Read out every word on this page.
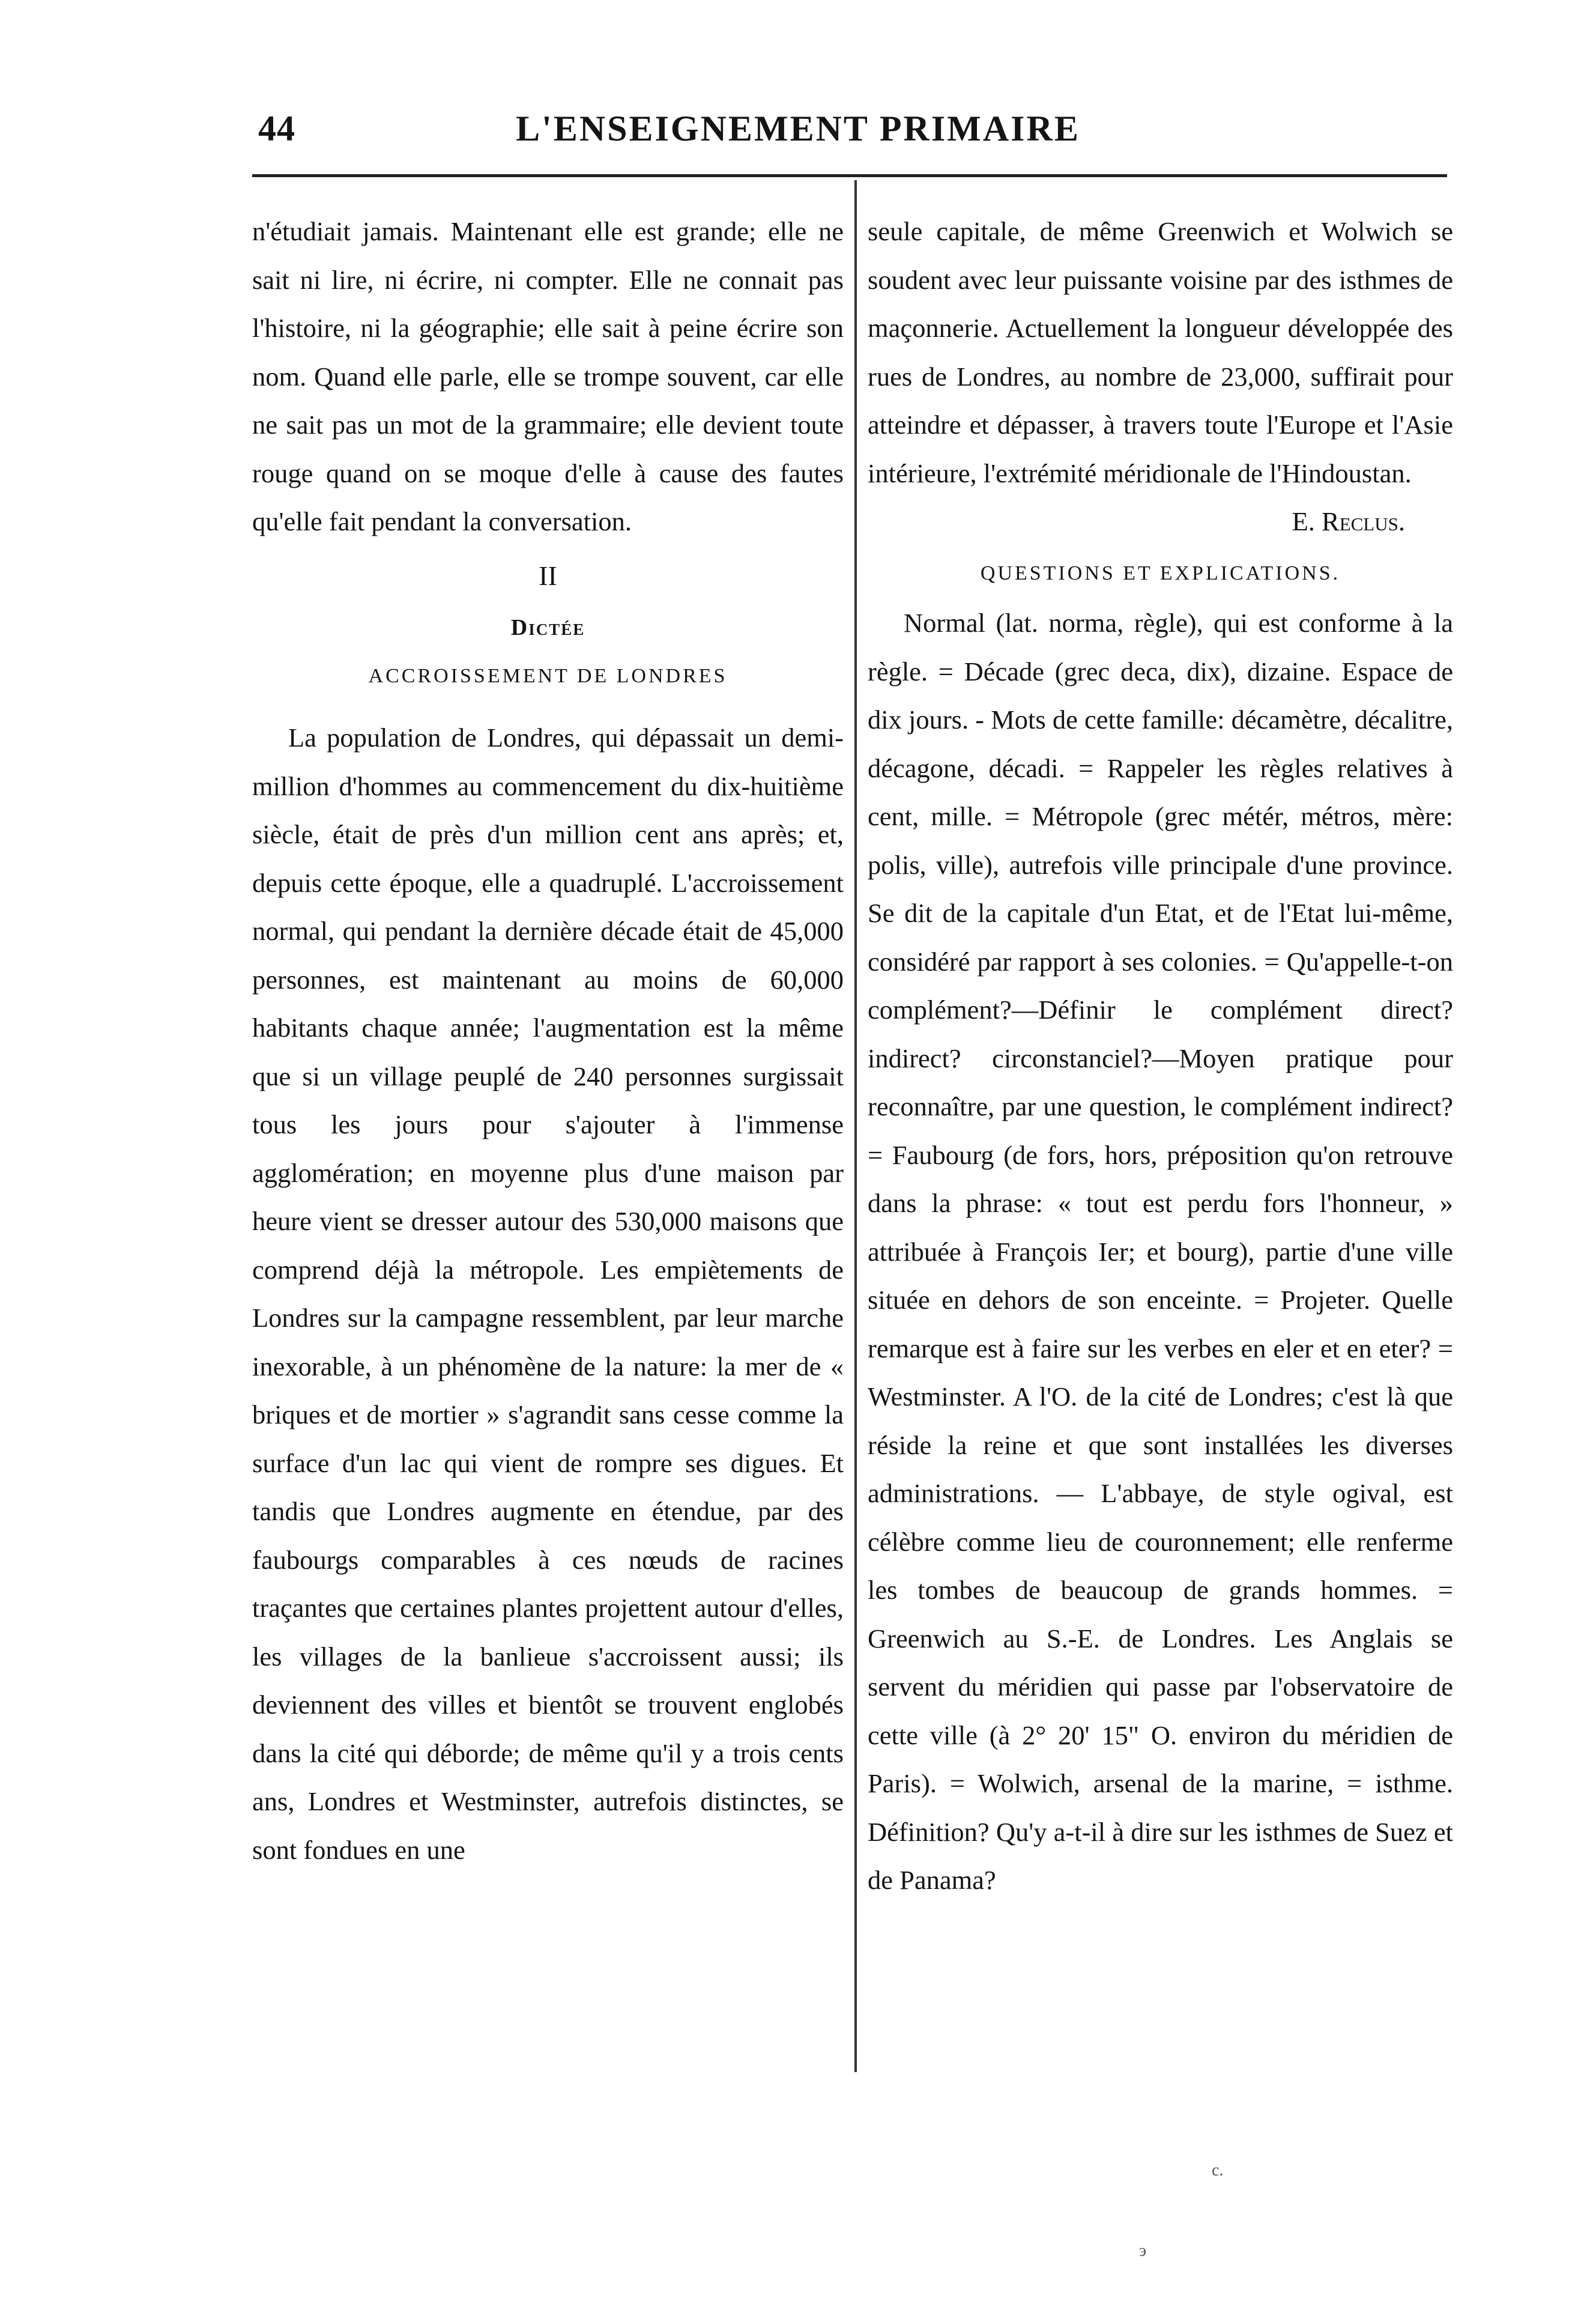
44	L'ENSEIGNEMENT PRIMAIRE

n'étudiait jamais. Maintenant elle est grande; elle ne sait ni lire, ni écrire, ni compter. Elle ne connait pas l'histoire, ni la géographie; elle sait à peine écrire son nom. Quand elle parle, elle se trompe souvent, car elle ne sait pas un mot de la grammaire; elle devient toute rouge quand on se moque d'elle à cause des fautes qu'elle fait pendant la conversation.

II
Dictée
ACCROISSEMENT DE LONDRES

La population de Londres, qui dépassait un demi-million d'hommes au commencement du dix-huitième siècle, était de près d'un million cent ans après; et, depuis cette époque, elle a quadruplé. L'accroissement normal, qui pendant la dernière décade était de 45,000 personnes, est maintenant au moins de 60,000 habitants chaque année; l'augmentation est la même que si un village peuplé de 240 personnes surgissait tous les jours pour s'ajouter à l'immense agglomération; en moyenne plus d'une maison par heure vient se dresser autour des 530,000 maisons que comprend déjà la métropole. Les empiètements de Londres sur la campagne ressemblent, par leur marche inexorable, à un phénomène de la nature: la mer de « briques et de mortier » s'agrandit sans cesse comme la surface d'un lac qui vient de rompre ses digues. Et tandis que Londres augmente en étendue, par des faubourgs comparables à ces nœuds de racines traçantes que certaines plantes projettent autour d'elles, les villages de la banlieue s'accroissent aussi; ils deviennent des villes et bientôt se trouvent englobés dans la cité qui déborde; de même qu'il y a trois cents ans, Londres et Westminster, autrefois distinctes, se sont fondues en une

seule capitale, de même Greenwich et Wolwich se soudent avec leur puissante voisine par des isthmes de maçonnerie. Actuellement la longueur développée des rues de Londres, au nombre de 23,000, suffirait pour atteindre et dépasser, à travers toute l'Europe et l'Asie intérieure, l'extrémité méridionale de l'Hindoustan.

E. Reclus.
QUESTIONS ET EXPLICATIONS.

Normal (lat. norma, règle), qui est conforme à la règle. = Décade (grec deca, dix), dizaine. Espace de dix jours. - Mots de cette famille: décamètre, décalitre, décagone, décadi. = Rappeler les règles relatives à cent, mille. = Métropole (grec métér, métros, mère: polis, ville), autrefois ville principale d'une province. Se dit de la capitale d'un Etat, et de l'Etat lui-même, considéré par rapport à ses colonies. = Qu'appelle-t-on complément?—Définir le complément direct? indirect? circonstanciel?—Moyen pratique pour reconnaître, par une question, le complément indirect? = Faubourg (de fors, hors, préposition qu'on retrouve dans la phrase: « tout est perdu fors l'honneur, » attribuée à François Ier; et bourg), partie d'une ville située en dehors de son enceinte. = Projeter. Quelle remarque est à faire sur les verbes en eler et en eter? = Westminster. A l'O. de la cité de Londres; c'est là que réside la reine et que sont installées les diverses administrations. — L'abbaye, de style ogival, est célèbre comme lieu de couronnement; elle renferme les tombes de beaucoup de grands hommes. = Greenwich au S.-E. de Londres. Les Anglais se servent du méridien qui passe par l'observatoire de cette ville (à 2° 20' 15" O. environ du méridien de Paris). = Wolwich, arsenal de la marine, = isthme. Définition? Qu'y a-t-il à dire sur les isthmes de Suez et de Panama?

c.
э
